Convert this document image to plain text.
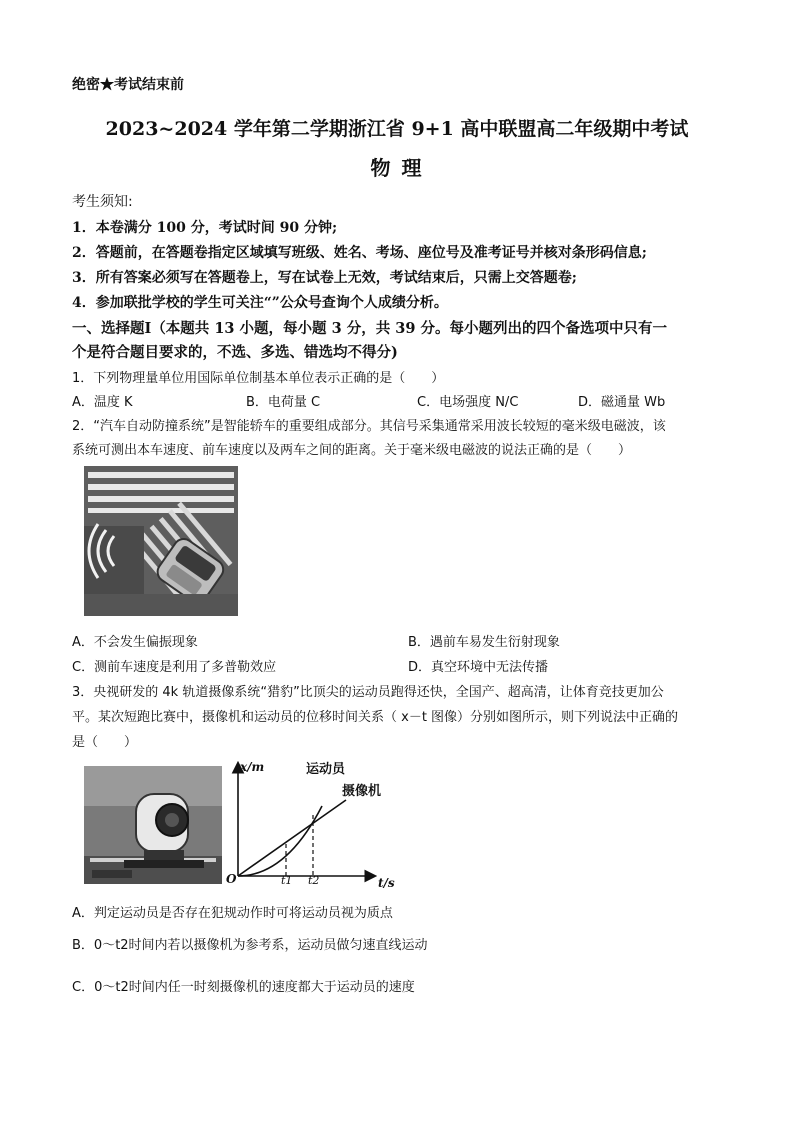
绝密★考试结束前
2023~2024 学年第二学期浙江省 9+1 高中联盟高二年级期中考试
物 理
考生须知:
1．本卷满分 100 分，考试时间 90 分钟;
2．答题前，在答题卷指定区域填写班级、姓名、考场、座位号及准考证号并核对条形码信息;
3．所有答案必须写在答题卷上，写在试卷上无效，考试结束后，只需上交答题卷;
4．参加联批学校的学生可关注“”公众号查询个人成绩分析。
一、选择题Ⅰ（本题共 13 小题，每小题 3 分，共 39 分。每小题列出的四个备选项中只有一
个是符合题目要求的，不选、多选、错选均不得分)
1．下列物理量单位用国际单位制基本单位表示正确的是（　　）
A．温度 K	B．电荷量 C	C．电场强度 N/C	D．磁通量 Wb
2．“汽车自动防撞系统”是智能轿车的重要组成部分。其信号采集通常采用波长较短的毫米级电磁波，该
系统可测出本车速度、前车速度以及两车之间的距离。关于毫米级电磁波的说法正确的是（　　）
A．不会发生偏振现象	B．遇前车易发生衍射现象
C．测前车速度是利用了多普勒效应	D．真空环境中无法传播
3．央视研发的 4k 轨道摄像系统“猎豹”比顶尖的运动员跑得还快，全国产、超高清，让体育竞技更加公
平。某次短跑比赛中，摄像机和运动员的位移时间关系（ x－t 图像）分别如图所示，则下列说法中正确的
是（　　）
x/m
t/s
O	t1 t2
运动员
摄像机
A．判定运动员是否存在犯规动作时可将运动员视为质点
B．0～t2时间内若以摄像机为参考系，运动员做匀速直线运动
C．0～t2时间内任一时刻摄像机的速度都大于运动员的速度
